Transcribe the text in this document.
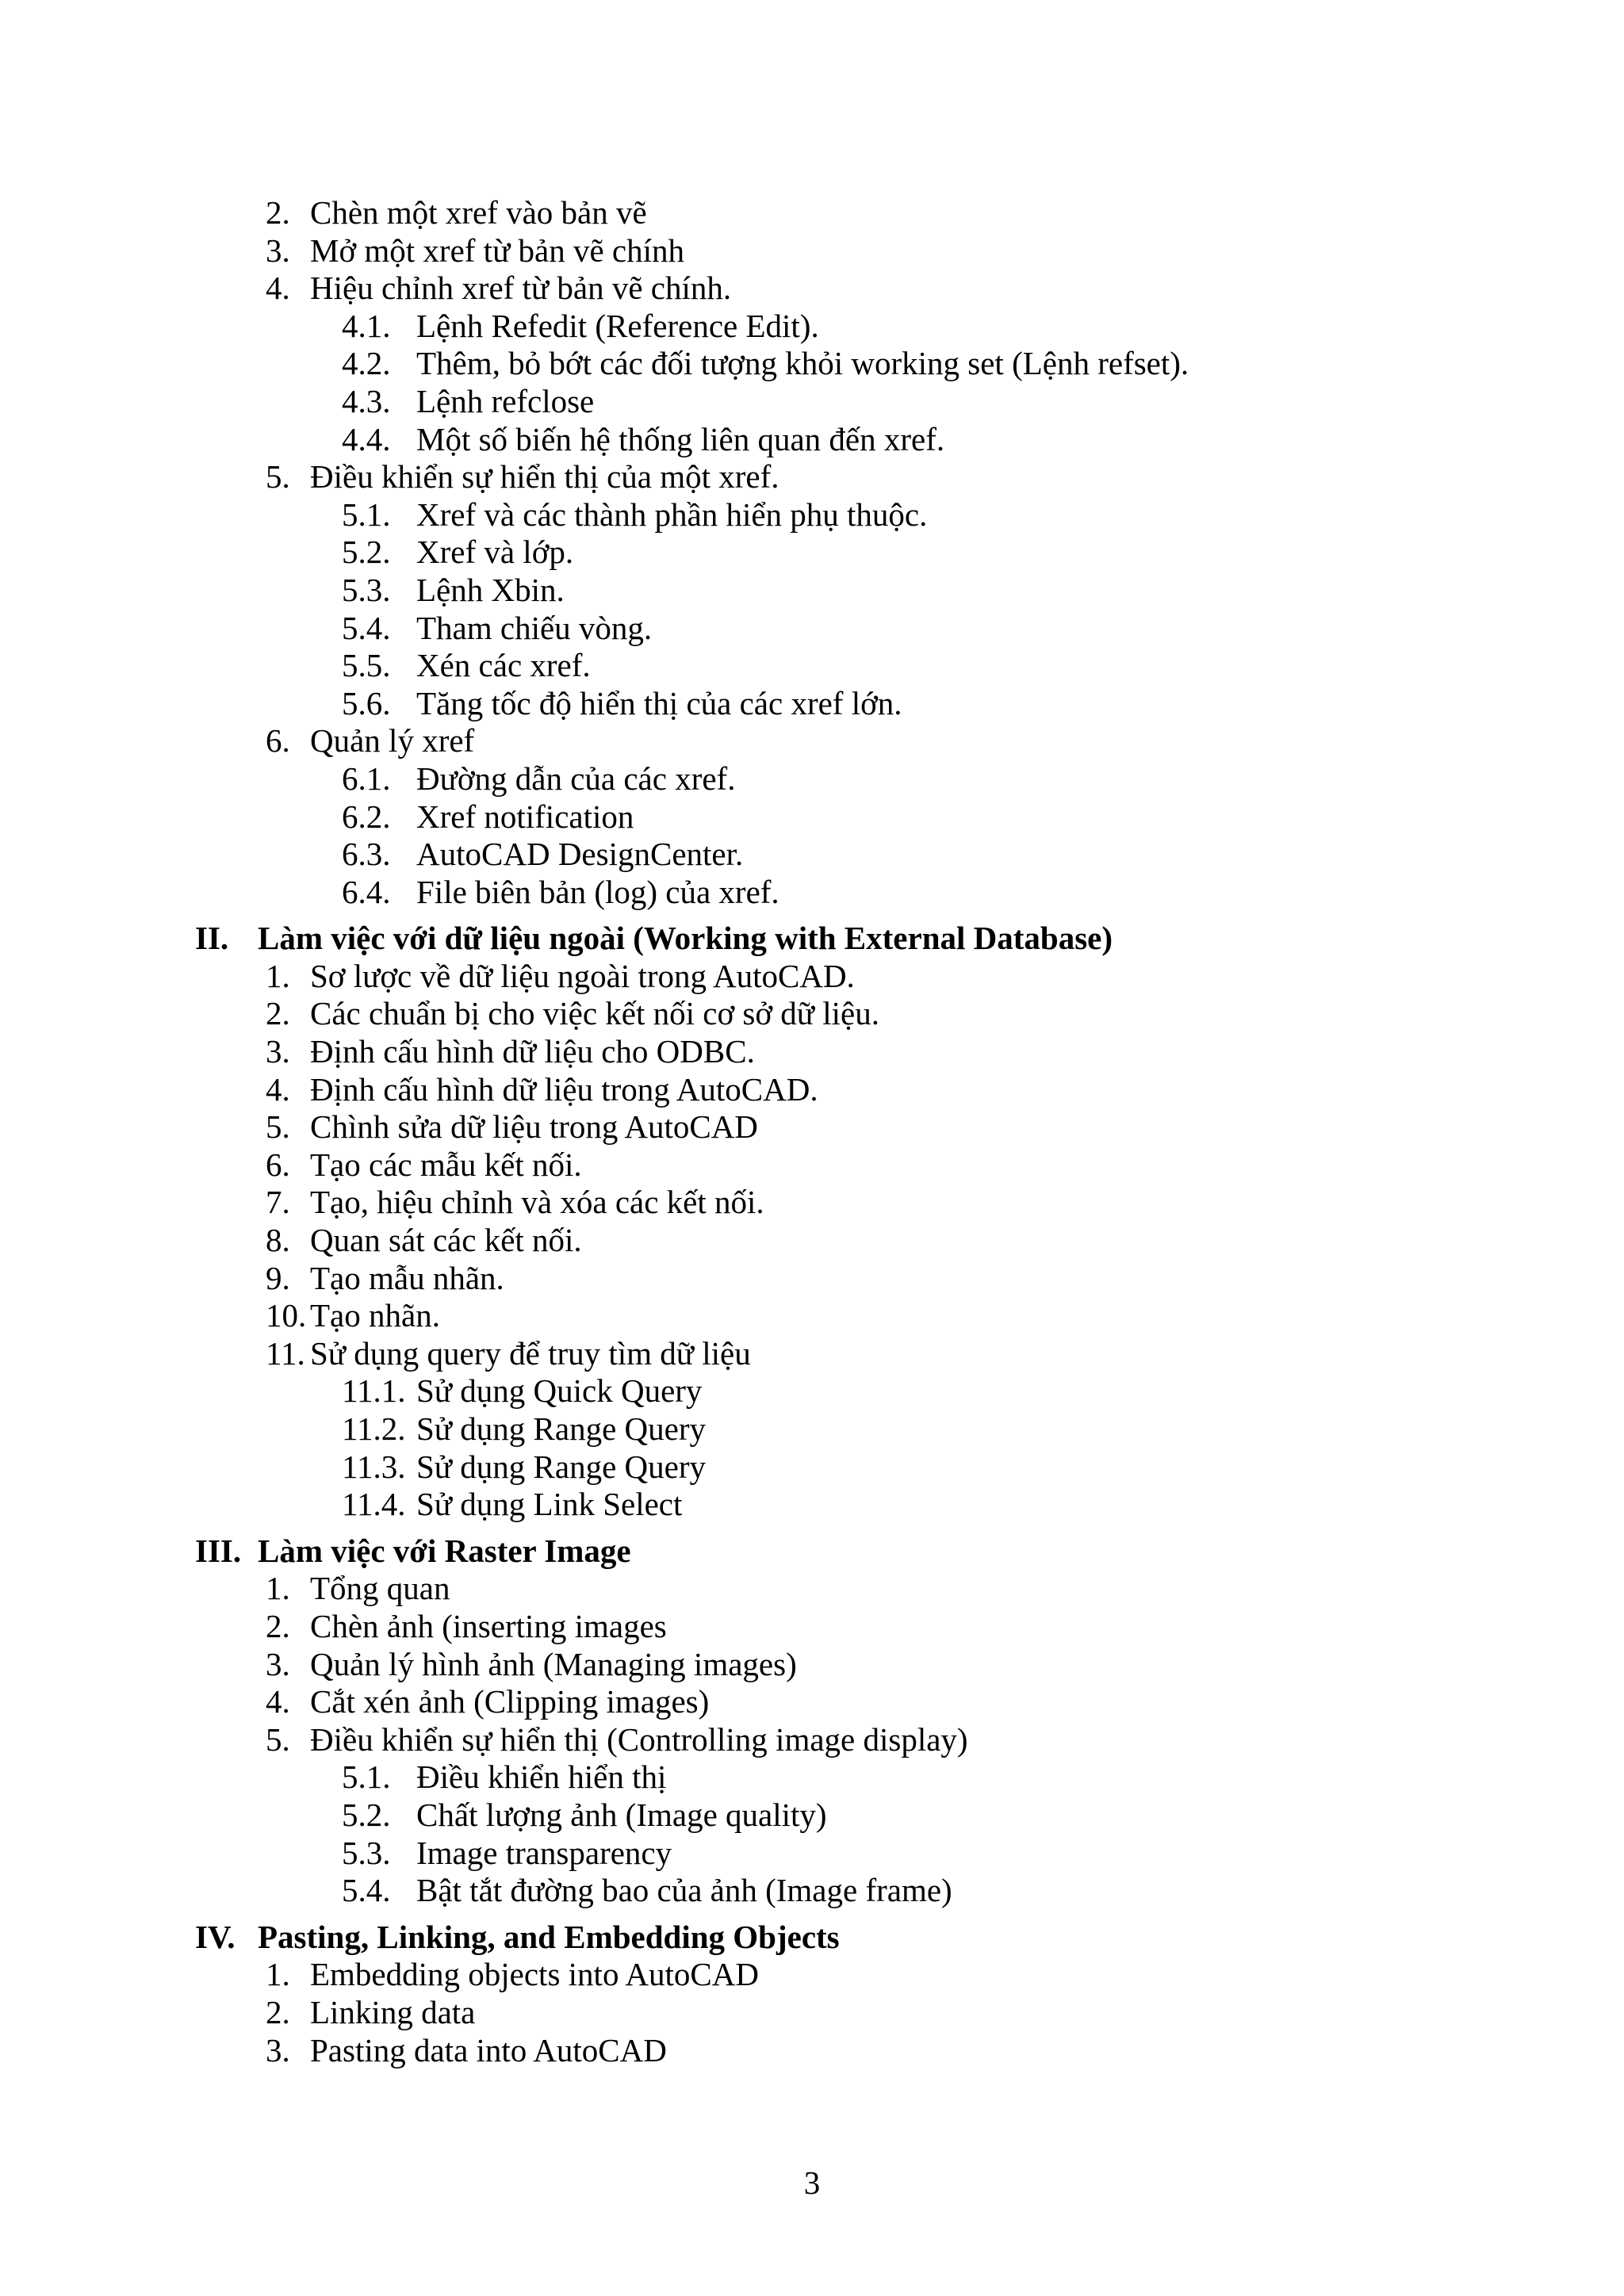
2. Chèn một xref vào bản vẽ
3. Mở một xref từ bản vẽ chính
4. Hiệu chỉnh xref từ bản vẽ chính.
4.1. Lệnh Refedit (Reference Edit).
4.2. Thêm, bỏ bớt các đối tượng khỏi working set (Lệnh refset).
4.3. Lệnh refclose
4.4. Một số biến hệ thống liên quan đến xref.
5. Điều khiển sự hiển thị của một xref.
5.1. Xref và các thành phần hiển phụ thuộc.
5.2. Xref và lớp.
5.3. Lệnh Xbin.
5.4. Tham chiếu vòng.
5.5. Xén các xref.
5.6. Tăng tốc độ hiển thị của các xref lớn.
6. Quản lý xref
6.1. Đường dẫn của các xref.
6.2. Xref notification
6.3. AutoCAD DesignCenter.
6.4. File biên bản (log) của xref.
II. Làm việc với dữ liệu ngoài (Working with External Database)
1. Sơ lược về dữ liệu ngoài trong AutoCAD.
2. Các chuẩn bị cho việc kết nối cơ sở dữ liệu.
3. Định cấu hình dữ liệu cho ODBC.
4. Định cấu hình dữ liệu trong AutoCAD.
5. Chình sửa dữ liệu trong AutoCAD
6. Tạo các mẫu kết nối.
7. Tạo, hiệu chỉnh và xóa các kết nối.
8. Quan sát các kết nối.
9. Tạo mẫu nhãn.
10. Tạo nhãn.
11. Sử dụng query để truy tìm dữ liệu
11.1. Sử dụng Quick Query
11.2. Sử dụng Range Query
11.3. Sử dụng Range Query
11.4. Sử dụng Link Select
III. Làm việc với Raster Image
1. Tổng quan
2. Chèn ảnh (inserting images
3. Quản lý hình ảnh (Managing images)
4. Cắt xén ảnh (Clipping images)
5. Điều khiển sự hiển thị (Controlling image display)
5.1. Điều khiển hiển thị
5.2. Chất lượng ảnh (Image quality)
5.3. Image transparency
5.4. Bật tắt đường bao của ảnh (Image frame)
IV. Pasting, Linking, and Embedding Objects
1. Embedding objects into AutoCAD
2. Linking data
3. Pasting data into AutoCAD
3
